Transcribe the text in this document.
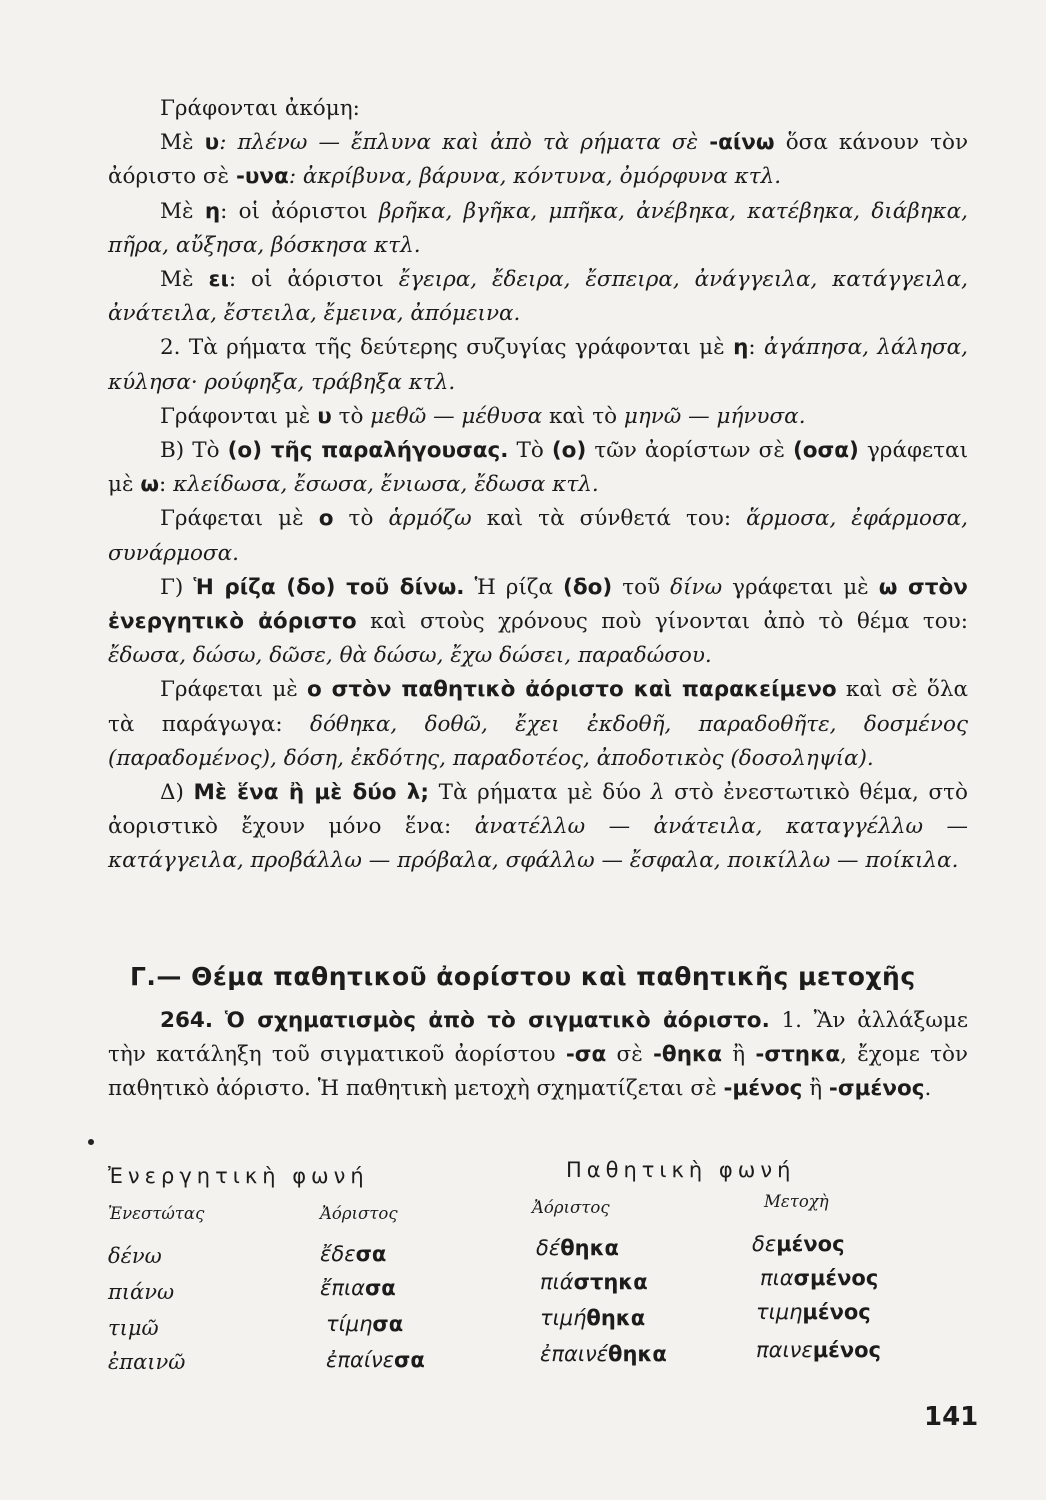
Γράφονται ἀκόμη:

Μὲ υ: πλένω — ἔπλυνα καὶ ἀπὸ τὰ ρήματα σὲ -αίνω ὅσα κάνουν τὸν ἀόριστο σὲ -υνα: ἀκρίβυνα, βάρυνα, κόντυνα, ὀμόρφυνα κτλ.

Μὲ η: οἱ ἀόριστοι βρῆκα, βγῆκα, μπῆκα, ἀνέβηκα, κατέβηκα, διάβηκα, πῆρα, αὔξησα, βόσκησα κτλ.

Μὲ ει: οἱ ἀόριστοι ἔγειρα, ἔδειρα, ἔσπειρα, ἀνάγγειλα, κατάγγειλα, ἀνάτειλα, ἔστειλα, ἔμεινα, ἀπόμεινα.

2. Τὰ ρήματα τῆς δεύτερης συζυγίας γράφονται μὲ η: ἀγάπησα, λάλησα, κύλησα· ρούφηξα, τράβηξα κτλ.

Γράφονται μὲ υ τὸ μεθῶ — μέθυσα καὶ τὸ μηνῶ — μήνυσα.

Β) Τὸ (ο) τῆς παραλήγουσας. Τὸ (ο) τῶν ἀορίστων σὲ (οσα) γράφεται μὲ ω: κλείδωσα, ἔσωσα, ἔνιωσα, ἔδωσα κτλ.

Γράφεται μὲ ο τὸ ἁρμόζω καὶ τὰ σύνθετά του: ἅρμοσα, ἐφάρμοσα, συνάρμοσα.

Γ) Ἡ ρίζα (δο) τοῦ δίνω. Ἡ ρίζα (δο) τοῦ δίνω γράφεται μὲ ω στὸν ἐνεργητικὸ ἀόριστο καὶ στοὺς χρόνους ποὺ γίνονται ἀπὸ τὸ θέμα του: ἔδωσα, δώσω, δῶσε, θὰ δώσω, ἔχω δώσει, παραδώσου.

Γράφεται μὲ ο στὸν παθητικὸ ἀόριστο καὶ παρακείμενο καὶ σὲ ὅλα τὰ παράγωγα: δόθηκα, δοθῶ, ἔχει ἐκδοθῆ, παραδοθῆτε, δοσμένος (παραδομένος), δόση, ἐκδότης, παραδοτέος, ἀποδοτικὸς (δοσοληψία).

Δ) Μὲ ἕνα ἢ μὲ δύο λ; Τὰ ρήματα μὲ δύο λ στὸ ἐνεστωτικὸ θέμα, στὸ ἀοριστικὸ ἔχουν μόνο ἕνα: ἀνατέλλω — ἀνάτειλα, καταγγέλλω — κατάγγειλα, προβάλλω — πρόβαλα, σφάλλω — ἔσφαλα, ποικίλλω — ποίκιλα.

Γ.— Θέμα παθητικοῦ ἀορίστου καὶ παθητικῆς μετοχῆς

264. Ὁ σχηματισμὸς ἀπὸ τὸ σιγματικὸ ἀόριστο. 1. Ἂν ἀλλάξωμε τὴν κατάληξη τοῦ σιγματικοῦ ἀορίστου -σα σὲ -θηκα ἢ -στηκα, ἔχομε τὸν παθητικὸ ἀόριστο. Ἡ παθητικὴ μετοχὴ σχηματίζεται σὲ -μένος ἢ -σμένος.

Ἐνεργητικὴ φωνή	Παθητικὴ φωνή
Ἐνεστώτας	Ἀόριστος	Ἀόριστος	Μετοχὴ
δένω	ἔδεσα	δέθηκα	δεμένος
πιάνω	ἔπιασα	πιάστηκα	πιασμένος
τιμῶ	τίμησα	τιμήθηκα	τιμημένος
ἐπαινῶ	ἐπαίνεσα	ἐπαινέθηκα	παινεμένος
141
